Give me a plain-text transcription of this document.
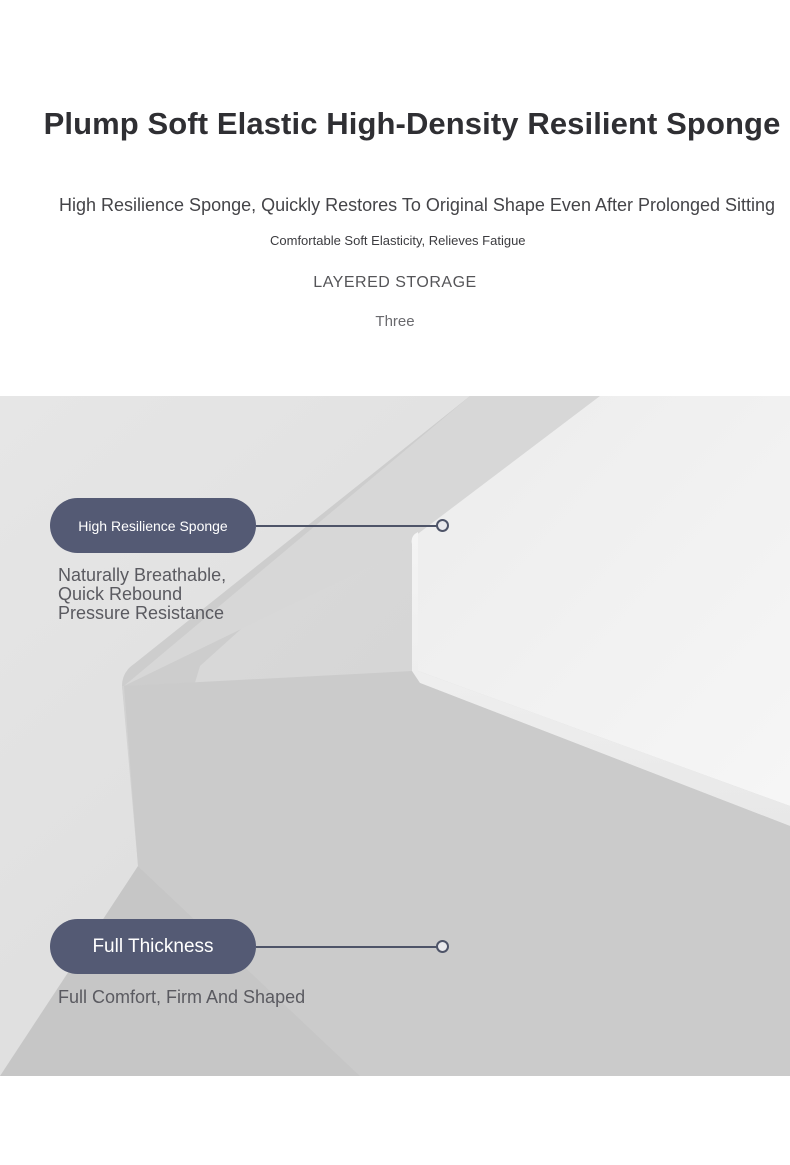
Plump Soft Elastic High-Density Resilient Sponge
High Resilience Sponge, Quickly Restores To Original Shape Even After Prolonged Sitting
Comfortable Soft Elasticity, Relieves Fatigue
LAYERED STORAGE
Three
High Resilience Sponge
Naturally Breathable,
Quick Rebound
Pressure Resistance
Full Thickness
Full Comfort, Firm And Shaped
